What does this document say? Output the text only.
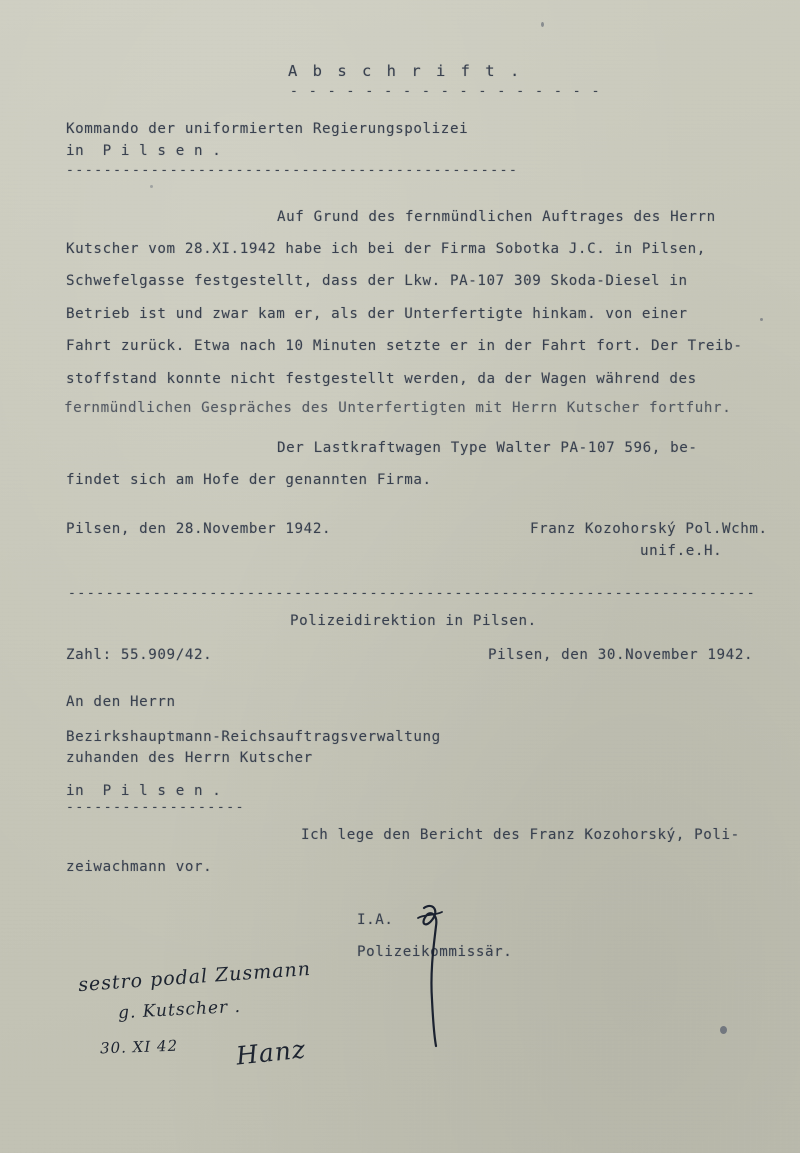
A b s c h r i f t .
- - - - - - - - - - - - - - - - -
Kommando der uniformierten Regierungspolizei
in  P i l s e n .
------------------------------------------------
Auf Grund des fernmündlichen Auftrages des Herrn
Kutscher vom 28.XI.1942 habe ich bei der Firma Sobotka J.C. in Pilsen,
Schwefelgasse festgestellt, dass der Lkw. PA-107 309 Skoda-Diesel in
Betrieb ist und zwar kam er, als der Unterfertigte hinkam. von einer
Fahrt zurück. Etwa nach 10 Minuten setzte er in der Fahrt fort. Der Treib-
stoffstand konnte nicht festgestellt werden, da der Wagen während des
fernmündlichen Gespräches des Unterfertigten mit Herrn Kutscher fortfuhr.
Der Lastkraftwagen Type Walter PA-107 596, be-
findet sich am Hofe der genannten Firma.
Pilsen, den 28.November 1942.	Franz Kozohorský Pol.Wchm.
unif.e.H.
-------------------------------------------------------------------------
Polizeidirektion in Pilsen.
Zahl: 55.909/42.	Pilsen, den 30.November 1942.
An den Herrn
Bezirkshauptmann-Reichsauftragsverwaltung
zuhanden des Herrn Kutscher
in  P i l s e n .
-------------------
Ich lege den Bericht des Franz Kozohorský, Poli-
zeiwachmann vor.
I.A.
Polizeikommissär.
sestro podal Zusmann
g. Kutscher .
30. XI 42 Hanz
